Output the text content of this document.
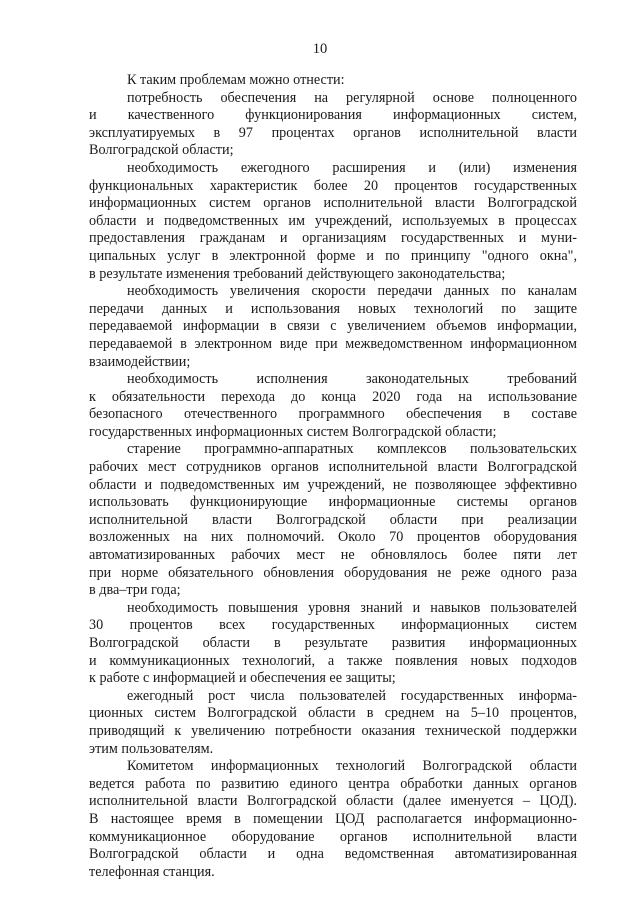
10

К таким проблемам можно отнести:

потребность обеспечения на регулярной основе полноценного
и качественного функционирования информационных систем,
эксплуатируемых в 97 процентах органов исполнительной власти
Волгоградской области;

необходимость ежегодного расширения и (или) изменения
функциональных характеристик более 20 процентов государственных
информационных систем органов исполнительной власти Волгоградской
области и подведомственных им учреждений, используемых в процессах
предоставления гражданам и организациям государственных и муни-
ципальных услуг в электронной форме и по принципу "одного окна",
в результате изменения требований действующего законодательства;

необходимость увеличения скорости передачи данных по каналам
передачи данных и использования новых технологий по защите
передаваемой информации в связи с увеличением объемов информации,
передаваемой в электронном виде при межведомственном информационном
взаимодействии;

необходимость исполнения законодательных требований
к обязательности перехода до конца 2020 года на использование
безопасного отечественного программного обеспечения в составе
государственных информационных систем Волгоградской области;

старение программно-аппаратных комплексов пользовательских
рабочих мест сотрудников органов исполнительной власти Волгоградской
области и подведомственных им учреждений, не позволяющее эффективно
использовать функционирующие информационные системы органов
исполнительной власти Волгоградской области при реализации
возложенных на них полномочий. Около 70 процентов оборудования
автоматизированных рабочих мест не обновлялось более пяти лет
при норме обязательного обновления оборудования не реже одного раза
в два–три года;

необходимость повышения уровня знаний и навыков пользователей
30 процентов всех государственных информационных систем
Волгоградской области в результате развития информационных
и коммуникационных технологий, а также появления новых подходов
к работе с информацией и обеспечения ее защиты;

ежегодный рост числа пользователей государственных информа-
ционных систем Волгоградской области в среднем на 5–10 процентов,
приводящий к увеличению потребности оказания технической поддержки
этим пользователям.

Комитетом информационных технологий Волгоградской области
ведется работа по развитию единого центра обработки данных органов
исполнительной власти Волгоградской области (далее именуется – ЦОД).
В настоящее время в помещении ЦОД располагается информационно-
коммуникационное оборудование органов исполнительной власти
Волгоградской области и одна ведомственная автоматизированная
телефонная станция.
